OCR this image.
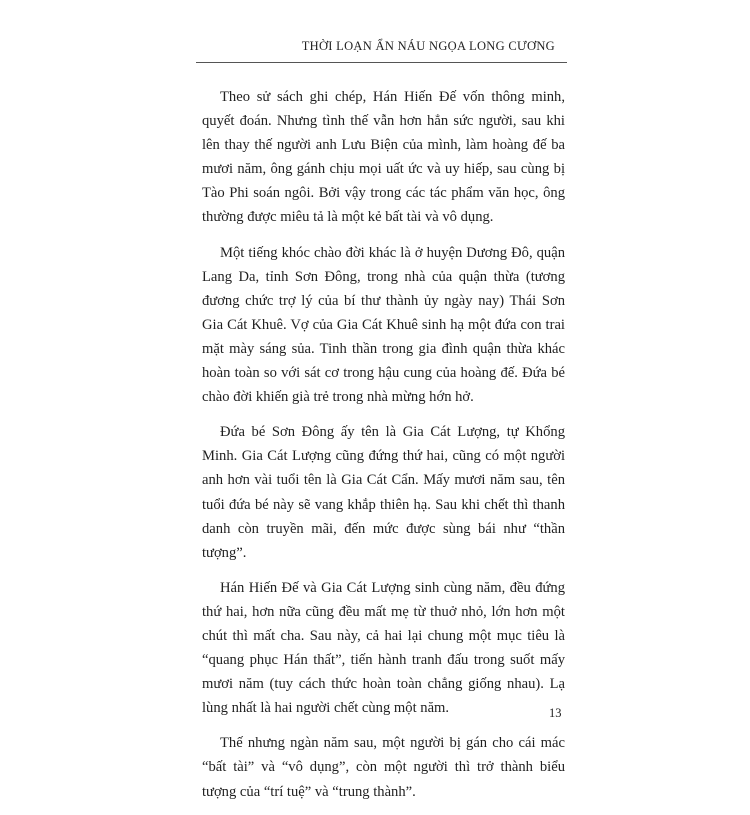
THỜI LOẠN ẨN NÁU NGỌA LONG CƯƠNG

Theo sử sách ghi chép, Hán Hiến Đế vốn thông minh, quyết đoán. Nhưng tình thế vẫn hơn hẳn sức người, sau khi lên thay thế người anh Lưu Biện của mình, làm hoàng đế ba mươi năm, ông gánh chịu mọi uất ức và uy hiếp, sau cùng bị Tào Phi soán ngôi. Bởi vậy trong các tác phẩm văn học, ông thường được miêu tả là một kẻ bất tài và vô dụng.

Một tiếng khóc chào đời khác là ở huyện Dương Đô, quận Lang Da, tỉnh Sơn Đông, trong nhà của quận thừa (tương đương chức trợ lý của bí thư thành ủy ngày nay) Thái Sơn Gia Cát Khuê. Vợ của Gia Cát Khuê sinh hạ một đứa con trai mặt mày sáng sủa. Tinh thần trong gia đình quận thừa khác hoàn toàn so với sát cơ trong hậu cung của hoàng đế. Đứa bé chào đời khiến già trẻ trong nhà mừng hớn hở.

Đứa bé Sơn Đông ấy tên là Gia Cát Lượng, tự Khổng Minh. Gia Cát Lượng cũng đứng thứ hai, cũng có một người anh hơn vài tuổi tên là Gia Cát Cẩn. Mấy mươi năm sau, tên tuổi đứa bé này sẽ vang khắp thiên hạ. Sau khi chết thì thanh danh còn truyền mãi, đến mức được sùng bái như “thần tượng”.

Hán Hiến Đế và Gia Cát Lượng sinh cùng năm, đều đứng thứ hai, hơn nữa cũng đều mất mẹ từ thuở nhỏ, lớn hơn một chút thì mất cha. Sau này, cả hai lại chung một mục tiêu là “quang phục Hán thất”, tiến hành tranh đấu trong suốt mấy mươi năm (tuy cách thức hoàn toàn chẳng giống nhau). Lạ lùng nhất là hai người chết cùng một năm.

Thế nhưng ngàn năm sau, một người bị gán cho cái mác “bất tài” và “vô dụng”, còn một người thì trở thành biểu tượng của “trí tuệ” và “trung thành”.

13
